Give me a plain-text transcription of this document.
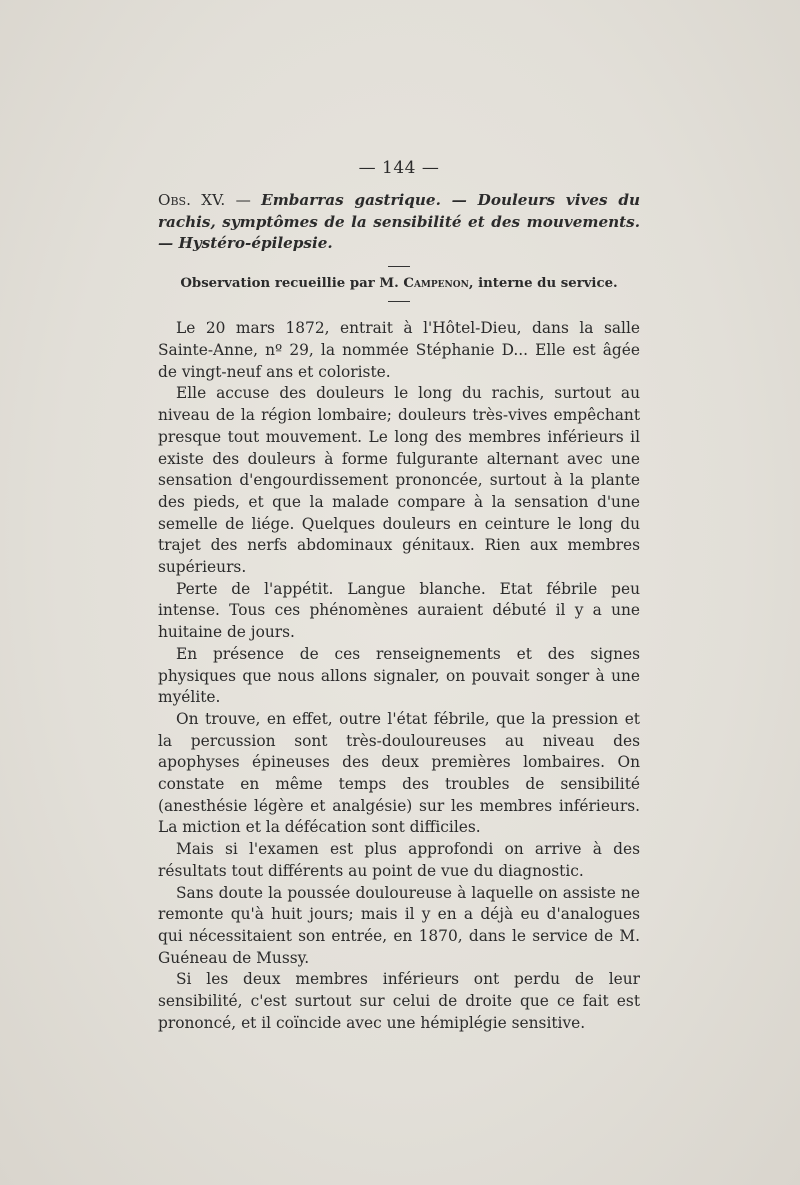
— 144 —
Obs. XV. — Embarras gastrique. — Douleurs vives du rachis, symptômes de la sensibilité et des mouvements. — Hystéro-épilepsie.
Observation recueillie par M. Campenon, interne du service.

Le 20 mars 1872, entrait à l'Hôtel-Dieu, dans la salle Sainte-Anne, nº 29, la nommée Stéphanie D... Elle est âgée de vingt-neuf ans et coloriste.

Elle accuse des douleurs le long du rachis, surtout au niveau de la région lombaire; douleurs très-vives empêchant presque tout mouvement. Le long des membres inférieurs il existe des douleurs à forme fulgurante alternant avec une sensation d'engourdissement prononcée, surtout à la plante des pieds, et que la malade compare à la sensation d'une semelle de liége. Quelques douleurs en ceinture le long du trajet des nerfs abdominaux génitaux. Rien aux membres supérieurs.

Perte de l'appétit. Langue blanche. Etat fébrile peu intense. Tous ces phénomènes auraient débuté il y a une huitaine de jours.

En présence de ces renseignements et des signes physiques que nous allons signaler, on pouvait songer à une myélite.

On trouve, en effet, outre l'état fébrile, que la pression et la percussion sont très-douloureuses au niveau des apophyses épineuses des deux premières lombaires. On constate en même temps des troubles de sensibilité (anesthésie légère et analgésie) sur les membres inférieurs. La miction et la défécation sont difficiles.

Mais si l'examen est plus approfondi on arrive à des résultats tout différents au point de vue du diagnostic.

Sans doute la poussée douloureuse à laquelle on assiste ne remonte qu'à huit jours; mais il y en a déjà eu d'analogues qui nécessitaient son entrée, en 1870, dans le service de M. Guéneau de Mussy.

Si les deux membres inférieurs ont perdu de leur sensibilité, c'est surtout sur celui de droite que ce fait est prononcé, et il coïncide avec une hémiplégie sensitive.
